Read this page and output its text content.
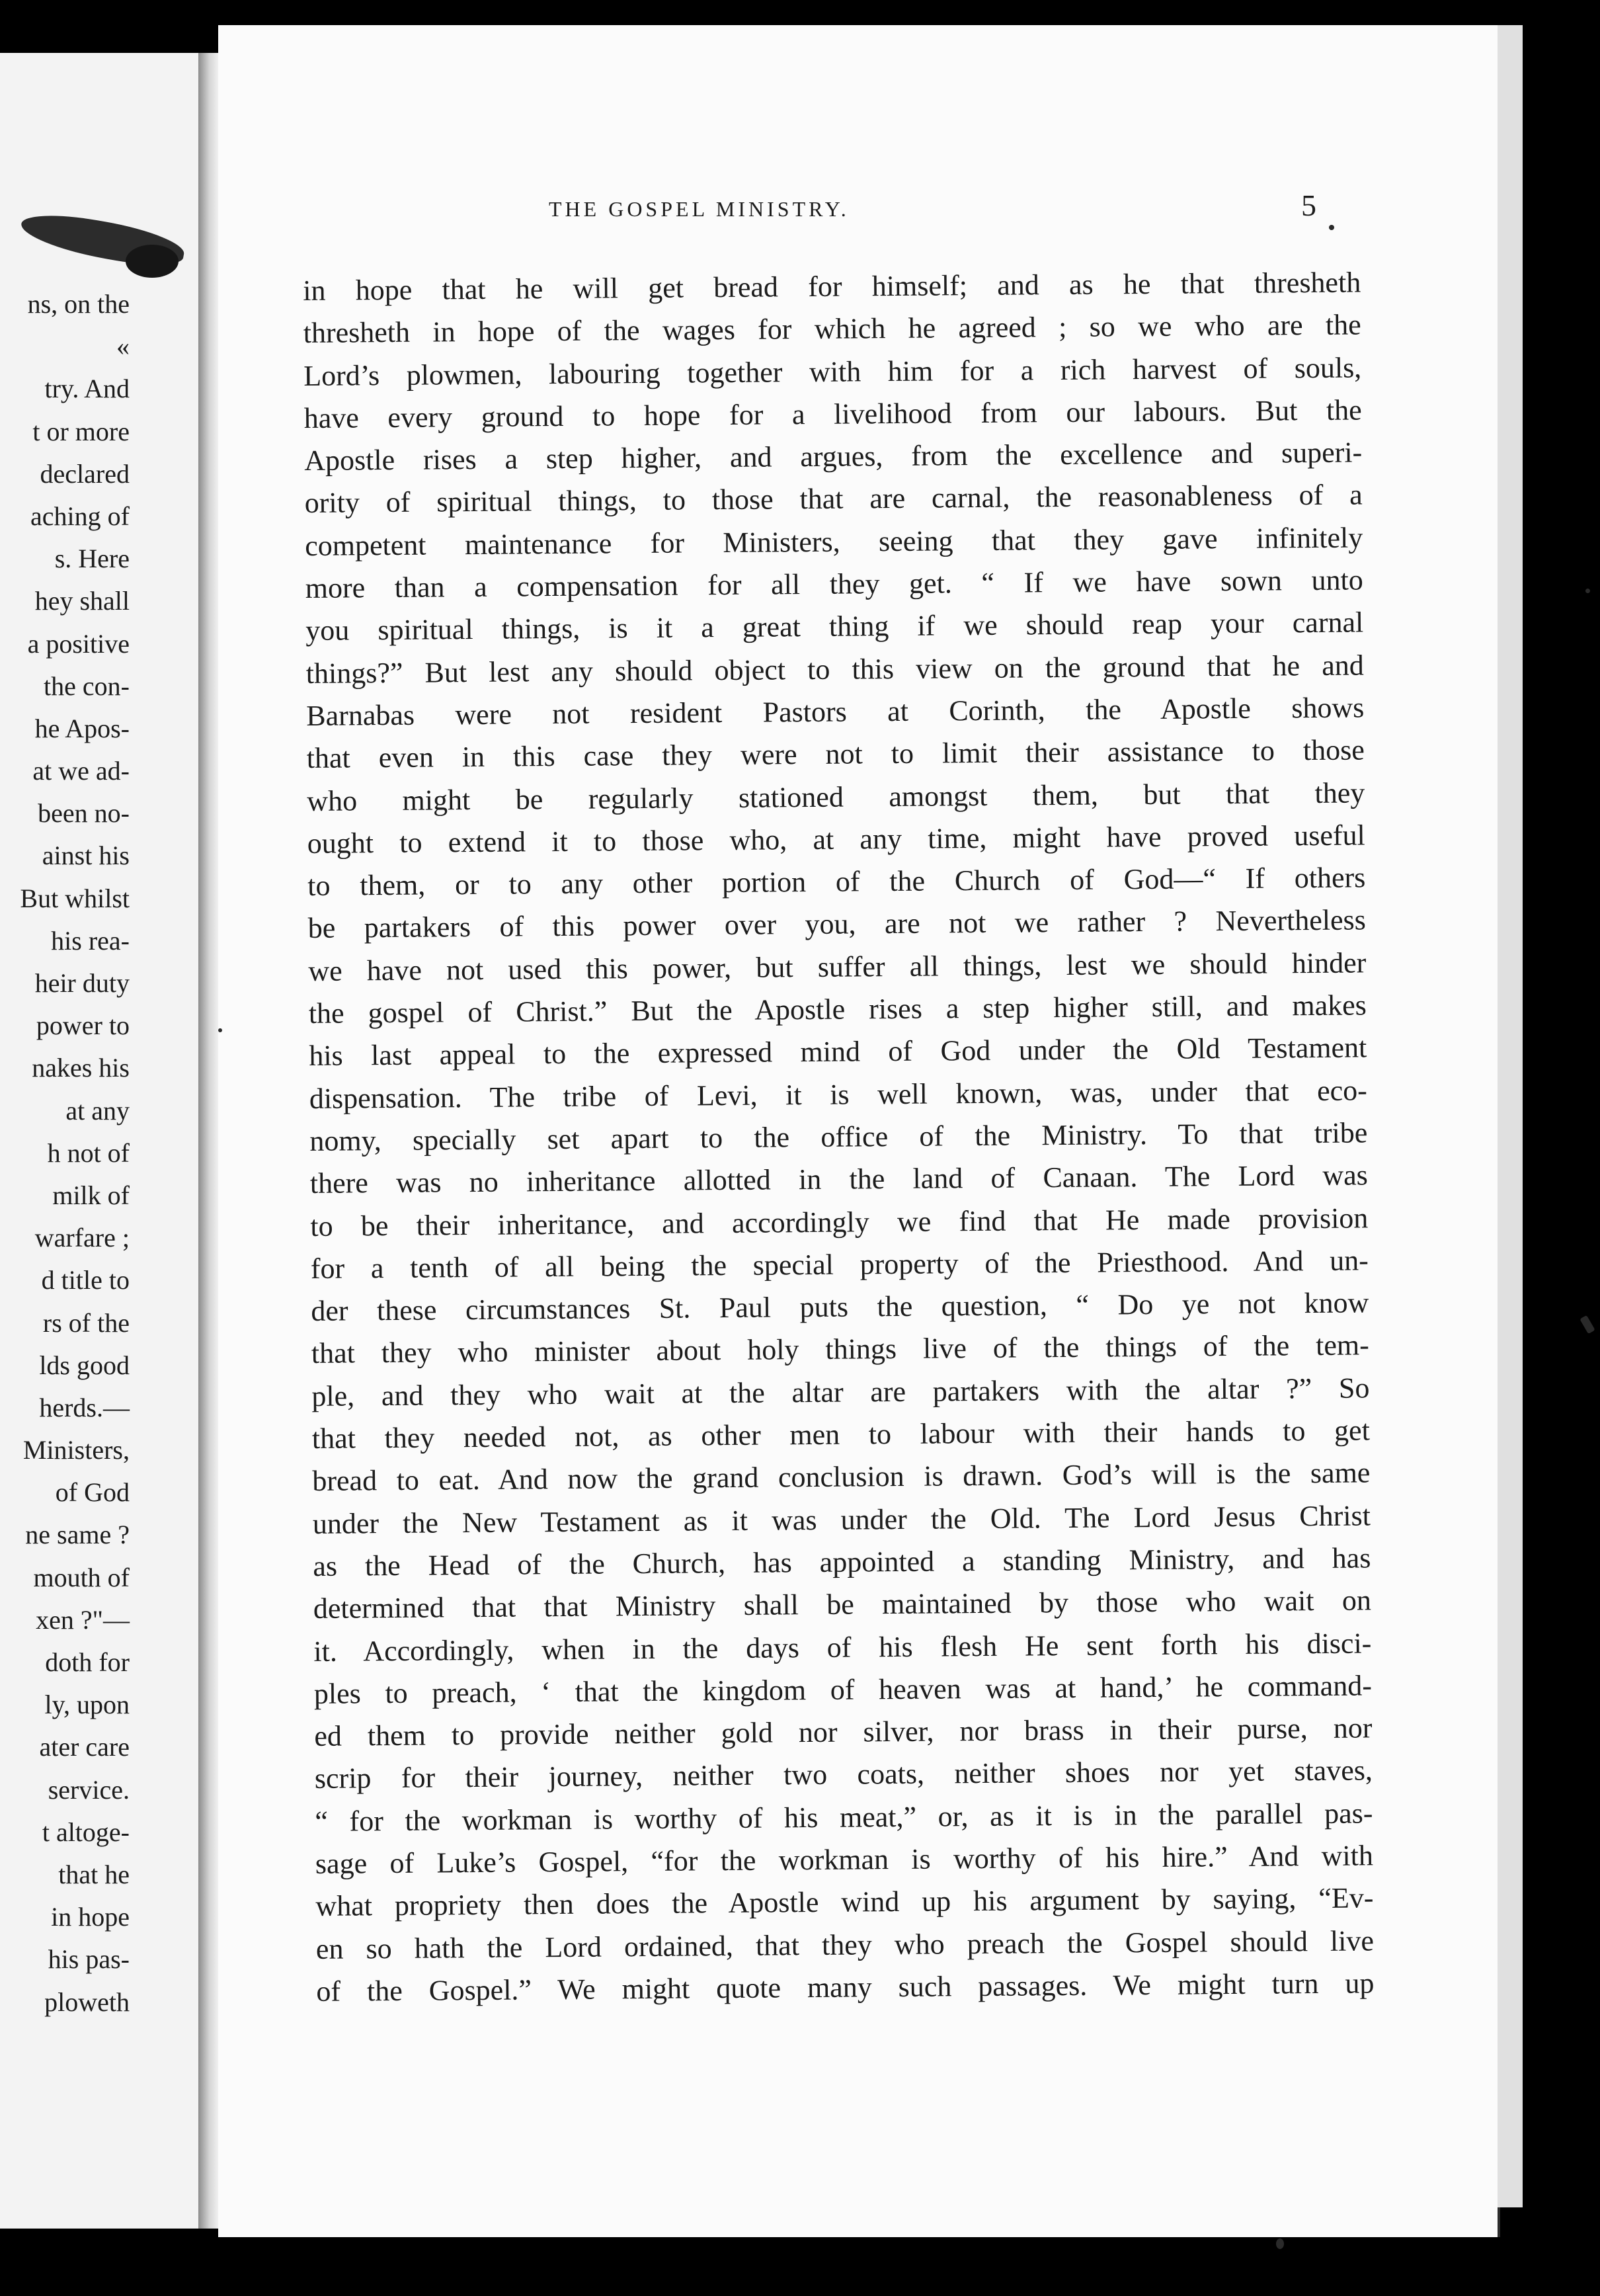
ns, on the
«
try. And
t or more
declared
aching of
s. Here
hey shall
a positive
the con-
he Apos-
at we ad-
been no-
ainst his
But whilst
his rea-
heir duty
power to
nakes his
at any
h not of
milk of
warfare ;
d title to
rs of the
lds good
herds.—
Ministers,
of God
ne same ?
mouth of
xen ?"—
doth for
ly, upon
ater care
service.
t altoge-
that he
in hope
his pas-
ploweth
THE GOSPEL MINISTRY.	5
in hope that he will get bread for himself; and as he that thresheth
thresheth in hope of the wages for which he agreed ; so we who are the
Lord’s plowmen, labouring together with him for a rich harvest of souls,
have every ground to hope for a livelihood from our labours. But the
Apostle rises a step higher, and argues, from the excellence and superi-
ority of spiritual things, to those that are carnal, the reasonableness of a
competent maintenance for Ministers, seeing that they gave infinitely
more than a compensation for all they get. “ If we have sown unto
you spiritual things, is it a great thing if we should reap your carnal
things?” But lest any should object to this view on the ground that he and
Barnabas were not resident Pastors at Corinth, the Apostle shows
that even in this case they were not to limit their assistance to those
who might be regularly stationed amongst them, but that they
ought to extend it to those who, at any time, might have proved useful
to them, or to any other portion of the Church of God—“ If others
be partakers of this power over you, are not we rather ? Nevertheless
we have not used this power, but suffer all things, lest we should hinder
the gospel of Christ.” But the Apostle rises a step higher still, and makes
his last appeal to the expressed mind of God under the Old Testament
dispensation. The tribe of Levi, it is well known, was, under that eco-
nomy, specially set apart to the office of the Ministry. To that tribe
there was no inheritance allotted in the land of Canaan. The Lord was
to be their inheritance, and accordingly we find that He made provision
for a tenth of all being the special property of the Priesthood. And un-
der these circumstances St. Paul puts the question, “ Do ye not know
that they who minister about holy things live of the things of the tem-
ple, and they who wait at the altar are partakers with the altar ?” So
that they needed not, as other men to labour with their hands to get
bread to eat. And now the grand conclusion is drawn. God’s will is the same
under the New Testament as it was under the Old. The Lord Jesus Christ
as the Head of the Church, has appointed a standing Ministry, and has
determined that that Ministry shall be maintained by those who wait on
it. Accordingly, when in the days of his flesh He sent forth his disci-
ples to preach, ‘ that the kingdom of heaven was at hand,’ he command-
ed them to provide neither gold nor silver, nor brass in their purse, nor
scrip for their journey, neither two coats, neither shoes nor yet staves,
“ for the workman is worthy of his meat,” or, as it is in the parallel pas-
sage of Luke’s Gospel, “for the workman is worthy of his hire.” And with
what propriety then does the Apostle wind up his argument by saying, “Ev-
en so hath the Lord ordained, that they who preach the Gospel should live
of the Gospel.” We might quote many such passages. We might turn up
